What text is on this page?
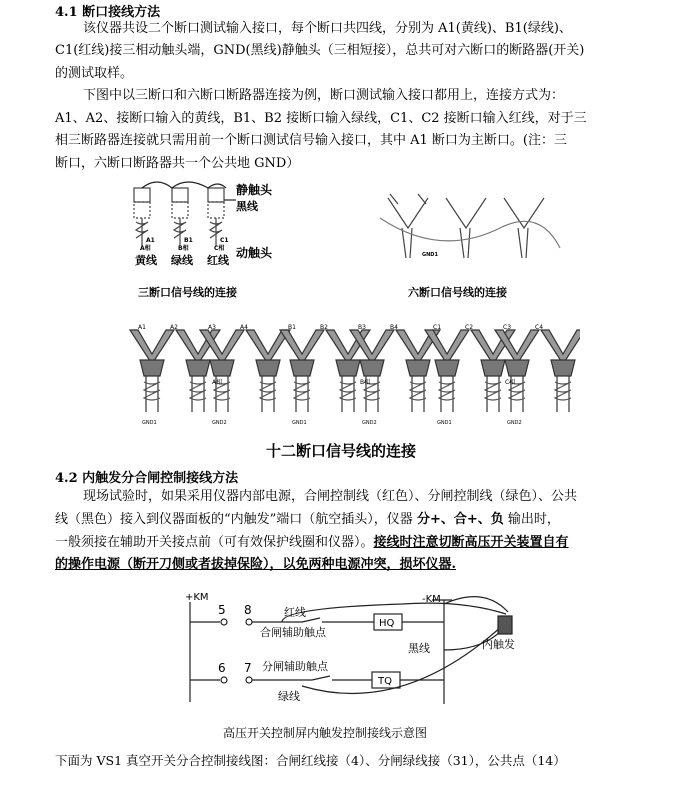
4.1 断口接线方法
该仪器共设二个断口测试输入接口，每个断口共四线，分别为 A1(黄线)、B1(绿线)、
C1(红线)接三相动触头端，GND(黑线)静触头（三相短接），总共可对六断口的断路器(开关)
的测试取样。
下图中以三断口和六断口断路器连接为例，断口测试输入接口都用上，连接方式为：
A1、A2、接断口输入的黄线，B1、B2 接断口输入绿线，C1、C2 接断口输入红线，对于三
相三断路器连接就只需用前一个断口测试信号输入接口，其中 A1 断口为主断口。(注：三
断口，六断口断路器共一个公共地 GND）
静触头
黑线
动触头
黄线 绿线 红线
A相	B相	C相
A1	B1	C1
GND1
三断口信号线的连接	六断口信号线的连接
A1	A2	A3	A4	B1	B2	B3	B4	C1	C2	C3	C4
A相	B相	C相
GND1	GND2	GND1	GND2	GND1	GND2
十二断口信号线的连接
4.2 内触发分合闸控制接线方法
现场试验时，如果采用仪器内部电源，合闸控制线（红色）、分闸控制线（绿色）、公共
线（黑色）接入到仪器面板的“内触发”端口（航空插头），仪器 分+、合+、负 输出时，
一般须接在辅助开关接点前（可有效保护线圈和仪器）。接线时注意切断高压开关装置自有
的操作电源（断开刀侧或者拔掉保险），以免两种电源冲突，损坏仪器.
+KM	-KM
5 8
6 7
红线
合闸辅助触点
HQ
黑线
分闸辅助触点
绿线
TQ
内触发
高压开关控制屏内触发控制接线示意图
下面为 VS1 真空开关分合控制接线图：合闸红线接（4）、分闸绿线接（31），公共点（14）
